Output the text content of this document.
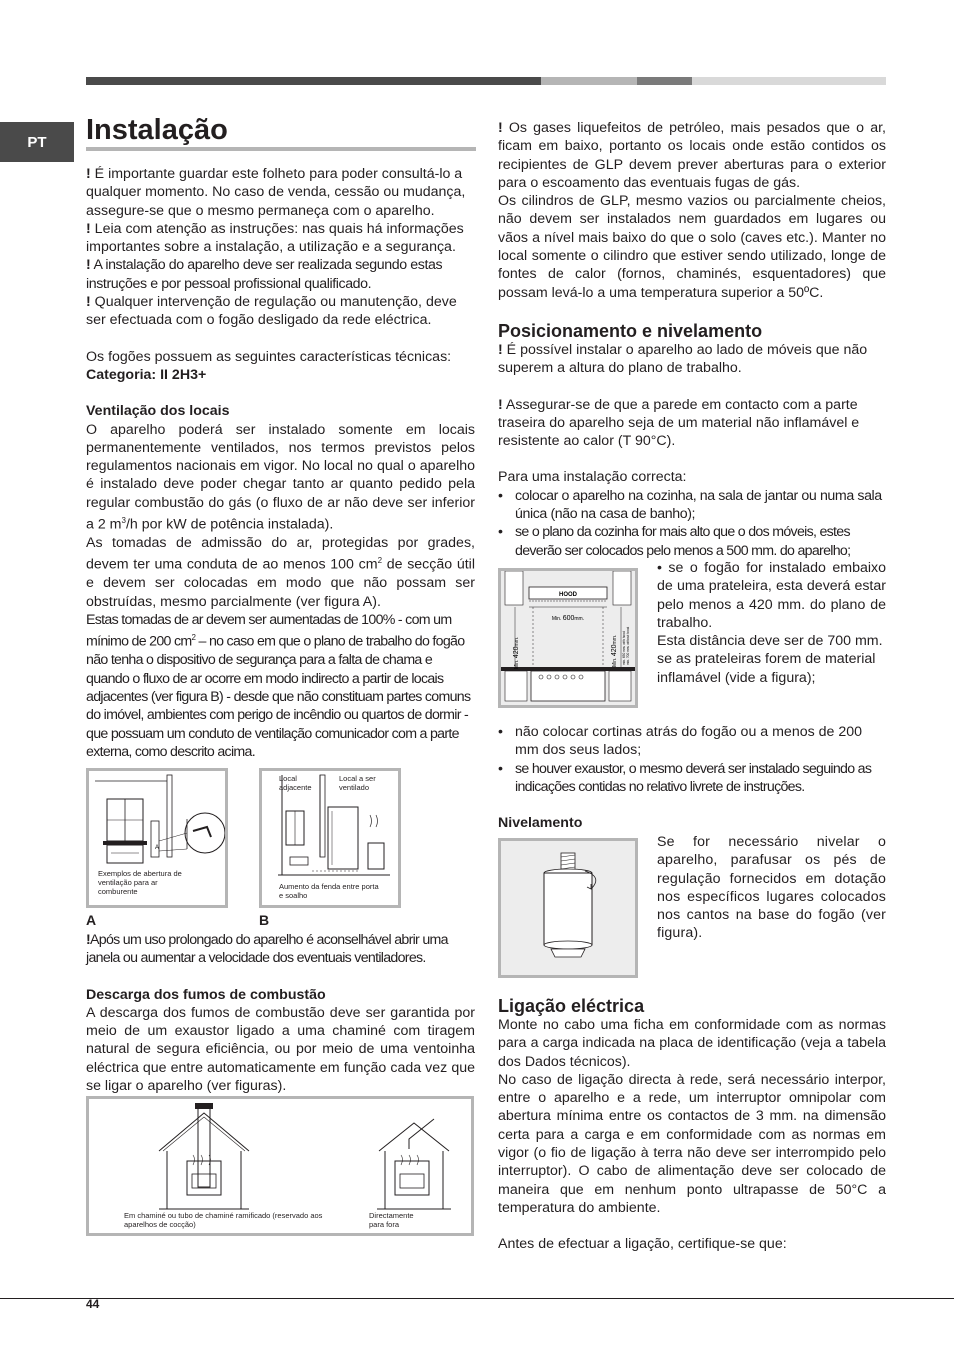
PT	Instalação

! É importante guardar este folheto para poder consultá-lo a qualquer momento. No caso de venda, cessão ou mudança, assegure-se que o mesmo permaneça com o aparelho.

! Leia com atenção as instruções: nas quais há informações importantes sobre a instalação, a utilização e a segurança.

! A instalação do aparelho deve ser realizada segundo estas instruções e por pessoal profissional qualificado.

! Qualquer intervenção de regulação ou manutenção, deve ser efectuada com o fogão desligado da rede eléctrica.

Os fogões possuem as seguintes características técnicas:

Categoria: II 2H3+

Ventilação dos locais

O aparelho poderá ser instalado somente em locais permanentemente ventilados, nos termos previstos pelos regulamentos nacionais em vigor. No local no qual o aparelho é instalado deve poder chegar tanto ar quanto pedido pela regular combustão do gás (o fluxo de ar não deve ser inferior a 2 $m^3/h$ por kW de potência instalada).

As tomadas de admissão do ar, protegidas por grades, devem ter uma conduta de ao menos 100 $cm^2$ de secção útil e devem ser colocadas em modo que não possam ser obstruídas, mesmo parcialmente (ver figura A).

Estas tomadas de ar devem ser aumentadas de 100% - com um mínimo de 200 $cm^2$ – no caso em que o plano de trabalho do fogão não tenha o dispositivo de segurança para a falta de chama e quando o fluxo de ar ocorre em modo indirecto a partir de locais adjacentes (ver figura B) - desde que não constituam partes comuns do imóvel, ambientes com perigo de incêndio ou quartos de dormir - que possuam um conduto de ventilação comunicador com a parte externa, como descrito acima.

A
Exemplos de abertura de ventilação para ar comburente
A
Local adjacente
Local a ser ventilado
Aumento da fenda entre porta e soalho
B

!Após um uso prolongado do aparelho é aconselhável abrir uma janela ou aumentar a velocidade dos eventuais ventiladores.

Descarga dos fumos de combustão

A descarga dos fumos de combustão deve ser garantida por meio de um exaustor ligado a uma chaminé com tiragem natural de segura eficiência, ou por meio de uma ventoinha eléctrica que entre automaticamente em função cada vez que se ligar o aparelho (ver figuras).

Em chaminé ou tubo de chaminé ramificado (reservado aos aparelhos de cocção)
Directamente para fora

! Os gases liquefeitos de petróleo, mais pesados que o ar, ficam em baixo, portanto os locais onde estão contidos os recipientes de GLP devem prever aberturas para o exterior para o escoamento das eventuais fugas de gás.

Os cilindros de GLP, mesmo vazios ou parcialmente cheios, não devem ser instalados nem guardados em lugares ou vãos a nível mais baixo do que o solo (caves etc.). Manter no local somente o cilindro que estiver sendo utilizado, longe de fontes de calor (fornos, chaminés, esquentadores) que possam levá-lo a uma temperatura superior a 50ºC.

Posicionamento e nivelamento

! É possível instalar o aparelho ao lado de móveis que não superem a altura do plano de trabalho.

! Assegurar-se de que a parede em contacto com a parte traseira do aparelho seja de um material não inflamável e resistente ao calor (T 90°C).

Para uma instalação correcta:

• colocar o aparelho na cozinha, na sala de jantar ou numa sala única (não na casa de banho);
• se o plano da cozinha for mais alto que o dos móveis, estes deverão ser colocados pelo menos a 500 mm. do aparelho;
HOOD
Min. 600mm.
Min. 420mm.
Min. 420mm. min. 650 mm. with hood min. 700 mm. without hood

• se o fogão for instalado embaixo de uma prateleira, esta deverá estar pelo menos a 420 mm. do plano de trabalho.

Esta distância deve ser de 700 mm. se as prateleiras forem de material inflamável (vide a figura);

• não colocar cortinas atrás do fogão ou a menos de 200 mm dos seus lados;
• se houver exaustor, o mesmo deverá ser instalado seguindo as indicações contidas no relativo livrete de instruções.

Nivelamento

Se for necessário nivelar o aparelho, parafusar os pés de regulação fornecidos em dotação nos específicos lugares colocados nos cantos na base do fogão (ver figura).

Ligação eléctrica

Monte no cabo uma ficha em conformidade com as normas para a carga indicada na placa de identificação (veja a tabela dos Dados técnicos).

No caso de ligação directa à rede, será necessário interpor, entre o aparelho e a rede, um interruptor omnipolar com abertura mínima entre os contactos de 3 mm. na dimensão certa para a carga e em conformidade com as normas em vigor (o fio de ligação à terra não deve ser interrompido pelo interruptor). O cabo de alimentação deve ser colocado de maneira que em nenhum ponto ultrapasse de 50°C a temperatura do ambiente.

Antes de efectuar a ligação, certifique-se que:

44
